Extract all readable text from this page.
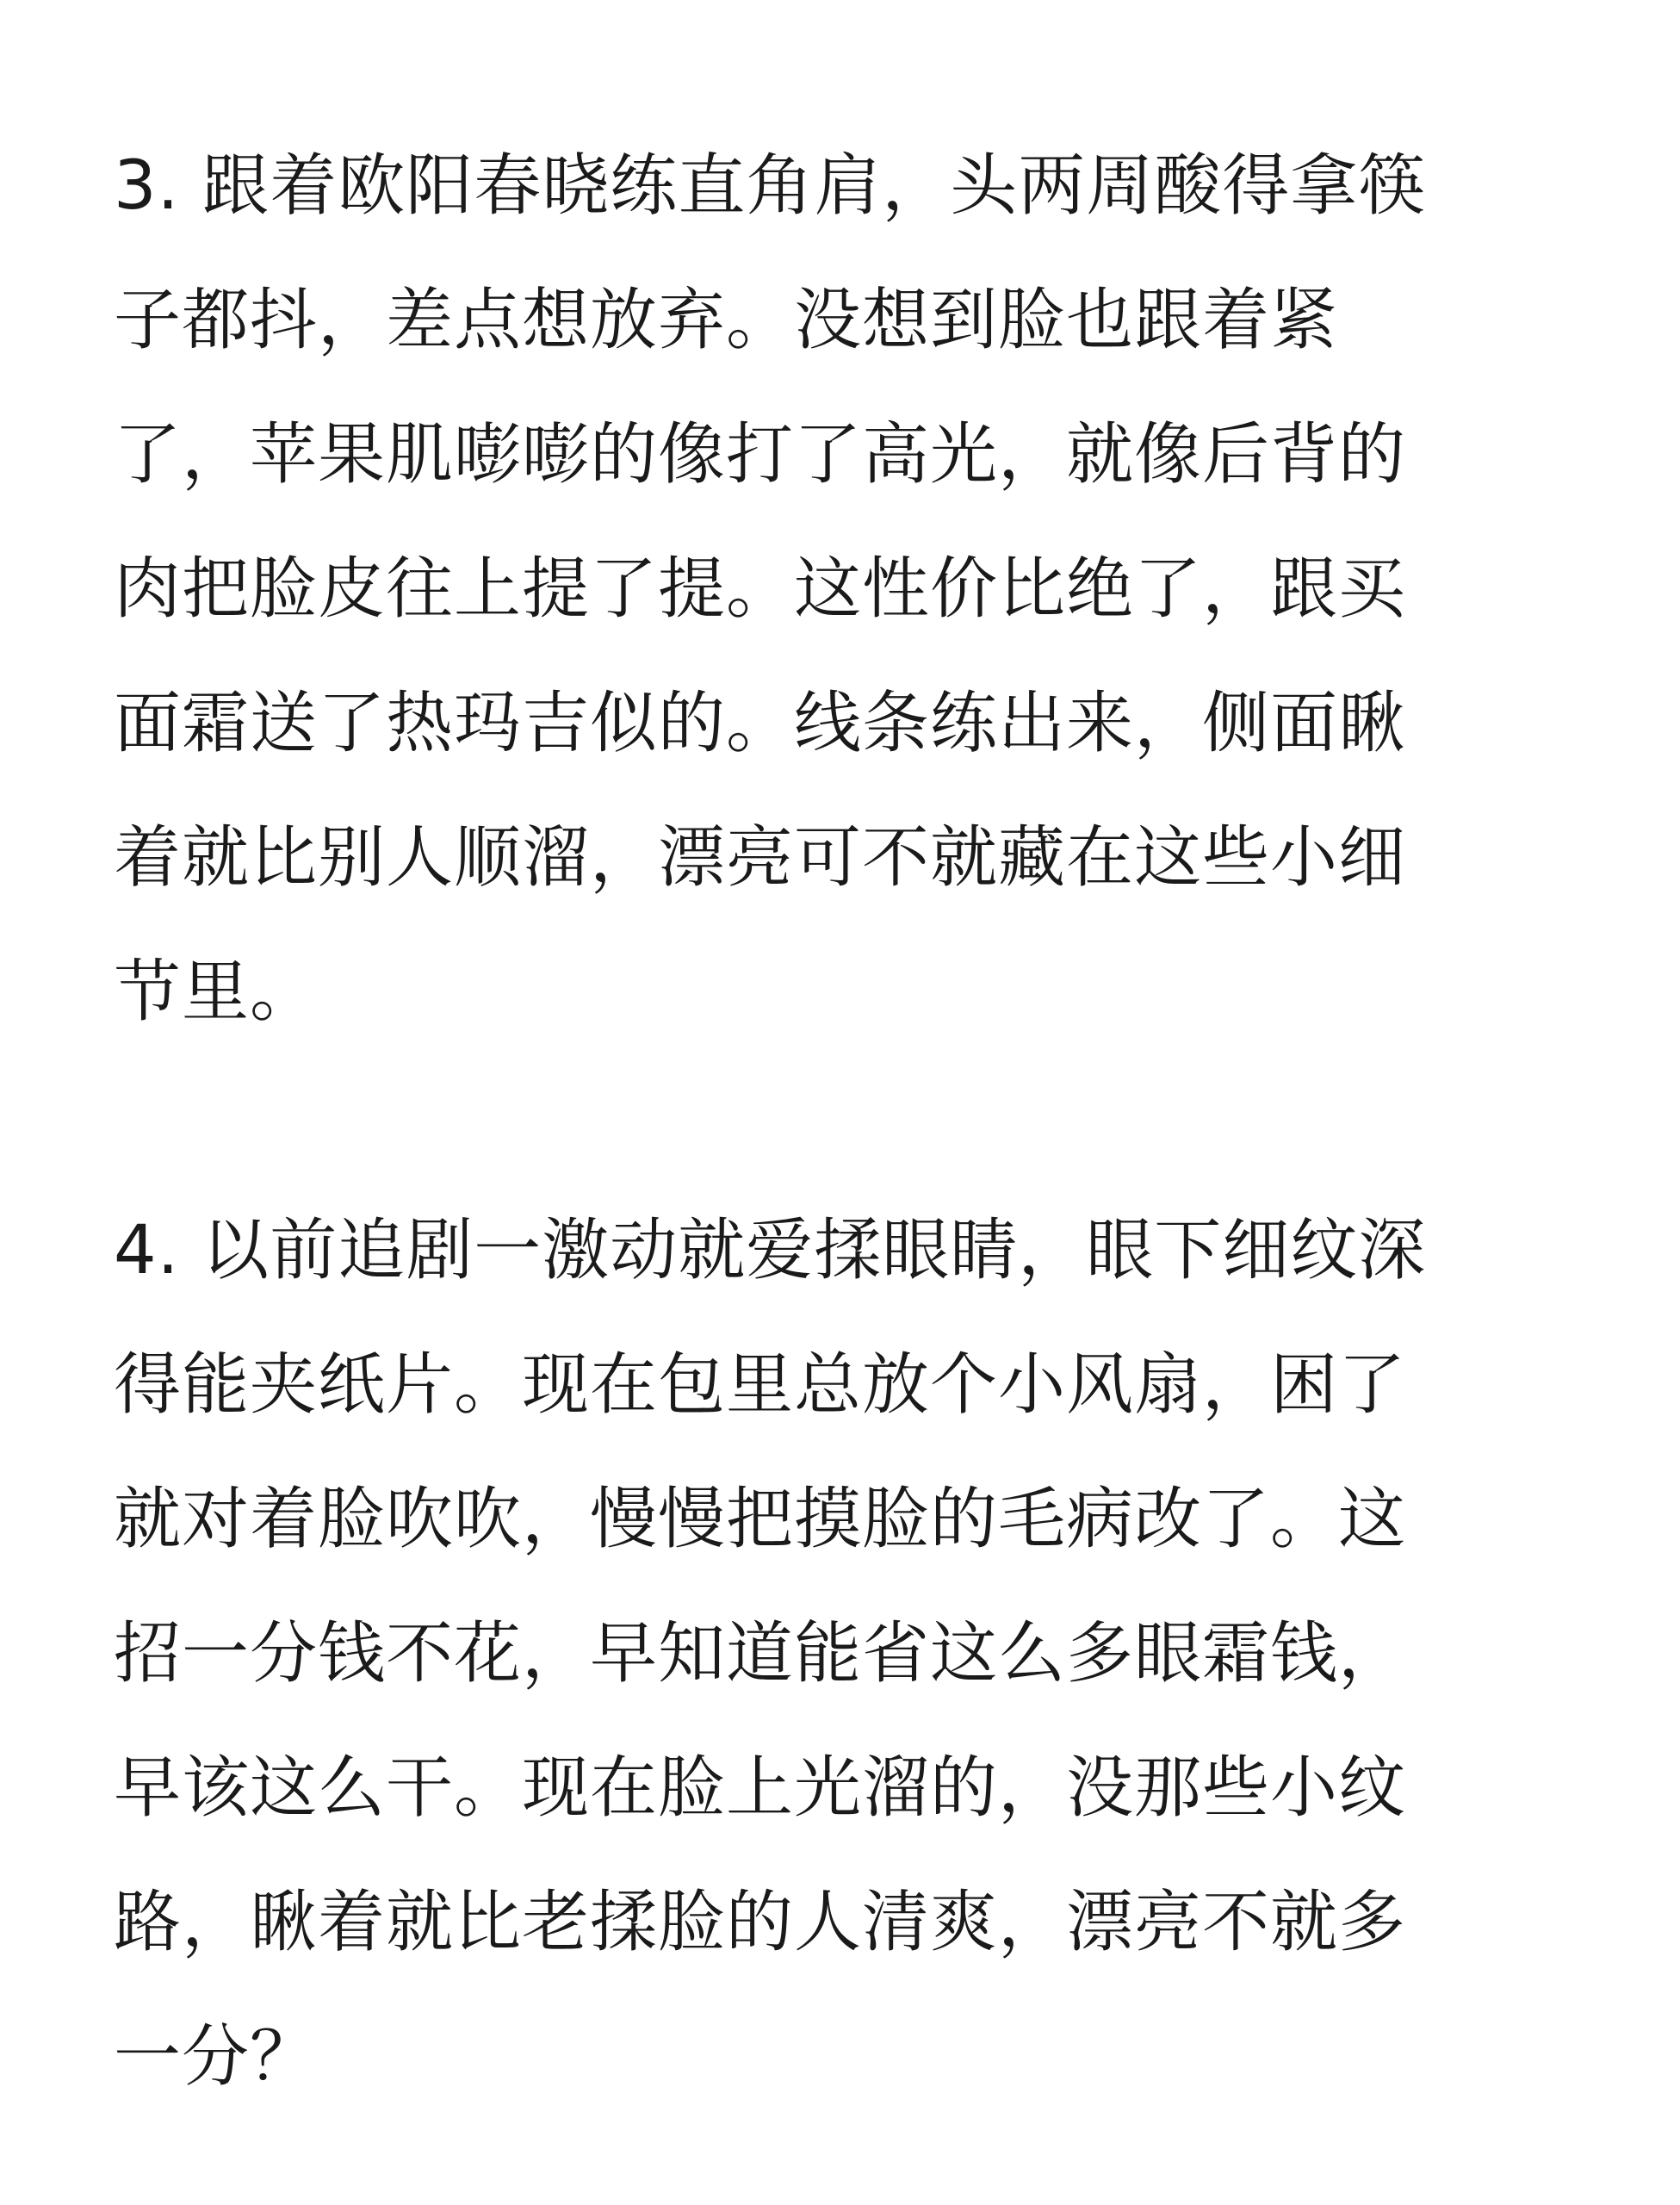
3. 跟着欧阳春晓练直角肩，头两周酸得拿筷
子都抖，差点想放弃。没想到脸也跟着紧
了，苹果肌嘭嘭的像打了高光，就像后背的
肉把脸皮往上提了提。这性价比绝了，跟买
面霜送了热玛吉似的。线条练出来，侧面瞅
着就比别人顺溜，漂亮可不就藏在这些小细
节里。
4. 以前追剧一激动就爱揉眼睛，眼下细纹深
得能夹纸片。现在包里总放个小风扇，困了
就对着脸吹吹，慢慢把摸脸的毛病改了。这
招一分钱不花，早知道能省这么多眼霜钱，
早该这么干。现在脸上光溜的，没那些小纹
路，瞅着就比老揉脸的人清爽，漂亮不就多
一分？
